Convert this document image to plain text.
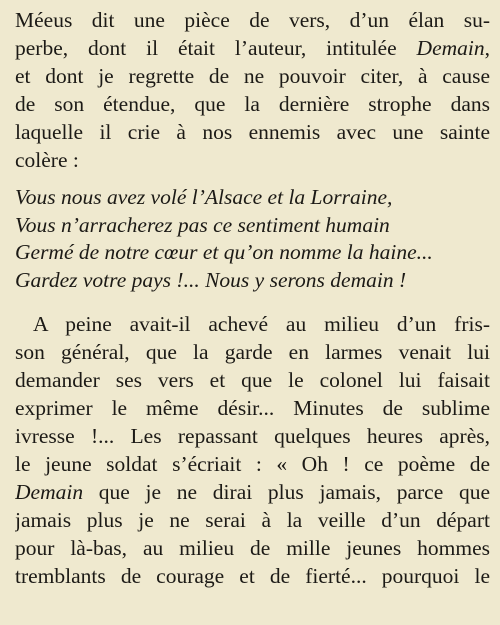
Méeus dit une pièce de vers, d’un élan su-
perbe, dont il était l’auteur, intitulée Demain,
et dont je regrette de ne pouvoir citer, à cause
de son étendue, que la dernière strophe dans
laquelle il crie à nos ennemis avec une sainte
colère :
Vous nous avez volé l’Alsace et la Lorraine,
Vous n’arracherez pas ce sentiment humain
Germé de notre cœur et qu’on nomme la haine...
Gardez votre pays !... Nous y serons demain !
A peine avait-il achevé au milieu d’un fris-
son général, que la garde en larmes venait lui
demander ses vers et que le colonel lui faisait
exprimer le même désir... Minutes de sublime
ivresse !... Les repassant quelques heures après,
le jeune soldat s’écriait : « Oh ! ce poème de
Demain que je ne dirai plus jamais, parce que
jamais plus je ne serai à la veille d’un départ
pour là-bas, au milieu de mille jeunes hommes
tremblants de courage et de fierté... pourquoi le
